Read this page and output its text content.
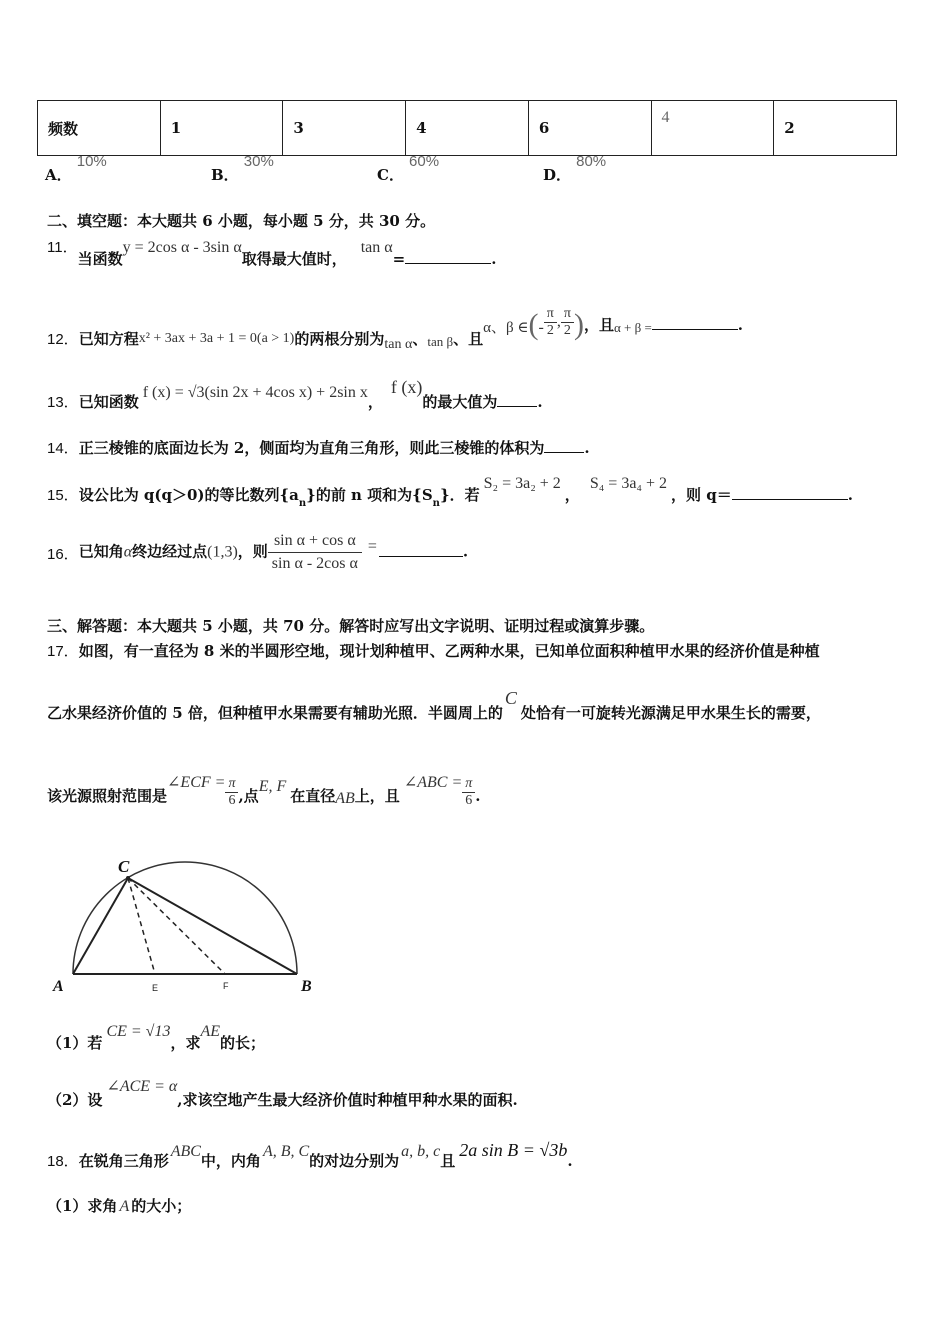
频数	1	3	4	6	4	2
A． 10%
B． 30%
C． 60%
D． 80%
二、填空题：本大题共 6 小题，每小题 5 分，共 30 分。
11．当函数y = 2cos α - 3sin α取得最大值时，tan α=	.
12．已知方程x² + 3ax + 3a + 1 = 0(a > 1)的两根分别为tan α、tan β、且α、β ∈(- $\frac{\pi}{2}$ , $\frac{\pi}{2}$ )，且α + β =	.
13．已知函数f (x) = √3(sin 2x + 4cos x) + 2sin x，f (x)的最大值为	.
14．正三棱锥的底面边长为 2，侧面均为直角三角形，则此三棱锥的体积为	.
15．设公比为 q(q＞0)的等比数列$\{a_n\}$的前 n 项和为$\{S_n\}$．若S₂ = 3a₂ + 2，S₄ = 3a₄ + 2，则 q＝	.
16．已知角α终边经过点(1,3)，则 $\frac{\text{sin α + cos α}}{\text{sin α - 2cos α}}$ =	.
三、解答题：本大题共 5 小题，共 70 分。解答时应写出文字说明、证明过程或演算步骤。
17．如图，有一直径为 8 米的半圆形空地，现计划种植甲、乙两种水果，已知单位面积种植甲水果的经济价值是种植
乙水果经济价值的 5 倍，但种植甲水果需要有辅助光照．半圆周上的C处恰有一可旋转光源满足甲水果生长的需要，
该光源照射范围是∠ECF = $\frac{\pi}{6}$ ,点E, F在直径AB上，且∠ABC = $\frac{\pi}{6}$ .
C
A	B
E	F
（1）若CE = √13，求AE的长；
（2）设∠ACE = α,求该空地产生最大经济价值时种植甲种水果的面积.
18．在锐角三角形ABC中，内角A, B, C的对边分别为a, b, c且2a sin B = √3b.
（1）求角 A 的大小；
